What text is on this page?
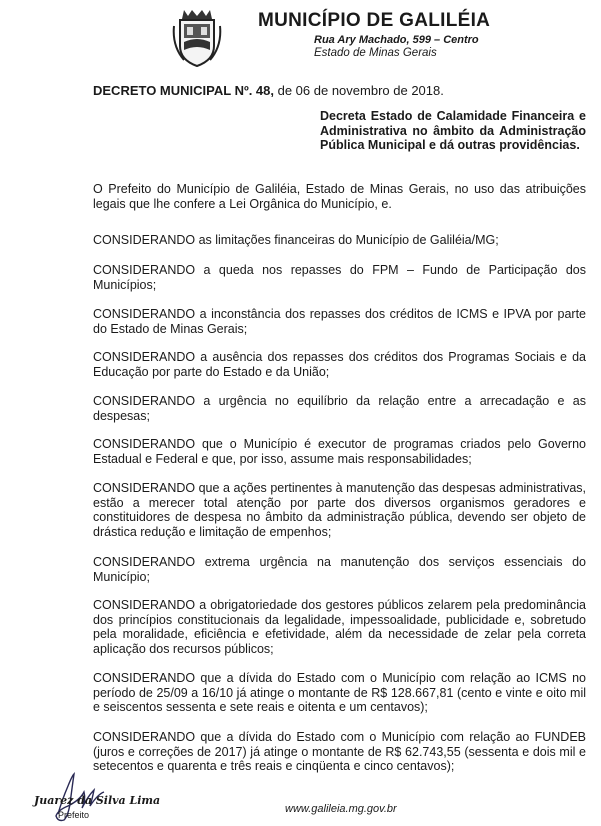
MUNICÍPIO DE GALILÉIA
Rua Ary Machado, 599 – Centro
Estado de Minas Gerais
DECRETO MUNICIPAL Nº. 48, de 06 de novembro de 2018.
Decreta Estado de Calamidade Financeira e Administrativa no âmbito da Administração Pública Municipal e dá outras providências.
O Prefeito do Município de Galiléia, Estado de Minas Gerais, no uso das atribuições legais que lhe confere a Lei Orgânica do Município, e.
CONSIDERANDO as limitações financeiras do Município de Galiléia/MG;
CONSIDERANDO a queda nos repasses do FPM – Fundo de Participação dos Municípios;
CONSIDERANDO a inconstância dos repasses dos créditos de ICMS e IPVA por parte do Estado de Minas Gerais;
CONSIDERANDO a ausência dos repasses dos créditos dos Programas Sociais e da Educação por parte do Estado e da União;
CONSIDERANDO a urgência no equilíbrio da relação entre a arrecadação e as despesas;
CONSIDERANDO que o Município é executor de programas criados pelo Governo Estadual e Federal e que, por isso, assume mais responsabilidades;
CONSIDERANDO que a ações pertinentes à manutenção das despesas administrativas, estão a merecer total atenção por parte dos diversos organismos geradores e constituidores de despesa no âmbito da administração pública, devendo ser objeto de drástica redução e limitação de empenhos;
CONSIDERANDO extrema urgência na manutenção dos serviços essenciais do Município;
CONSIDERANDO a obrigatoriedade dos gestores públicos zelarem pela predominância dos princípios constitucionais da legalidade, impessoalidade, publicidade e, sobretudo pela moralidade, eficiência e efetividade, além da necessidade de zelar pela correta aplicação dos recursos públicos;
CONSIDERANDO que a dívida do Estado com o Município com relação ao ICMS no período de 25/09 a 16/10 já atinge o montante de R$ 128.667,81 (cento e vinte e oito mil e seiscentos sessenta e sete reais e oitenta e um centavos);
CONSIDERANDO que a dívida do Estado com o Município com relação ao FUNDEB (juros e correções de 2017) já atinge o montante de R$ 62.743,55 (sessenta e dois mil e setecentos e quarenta e três reais e cinqüenta e cinco centavos);
Juarez da Silva Lima
Prefeito	www.galileia.mg.gov.br
